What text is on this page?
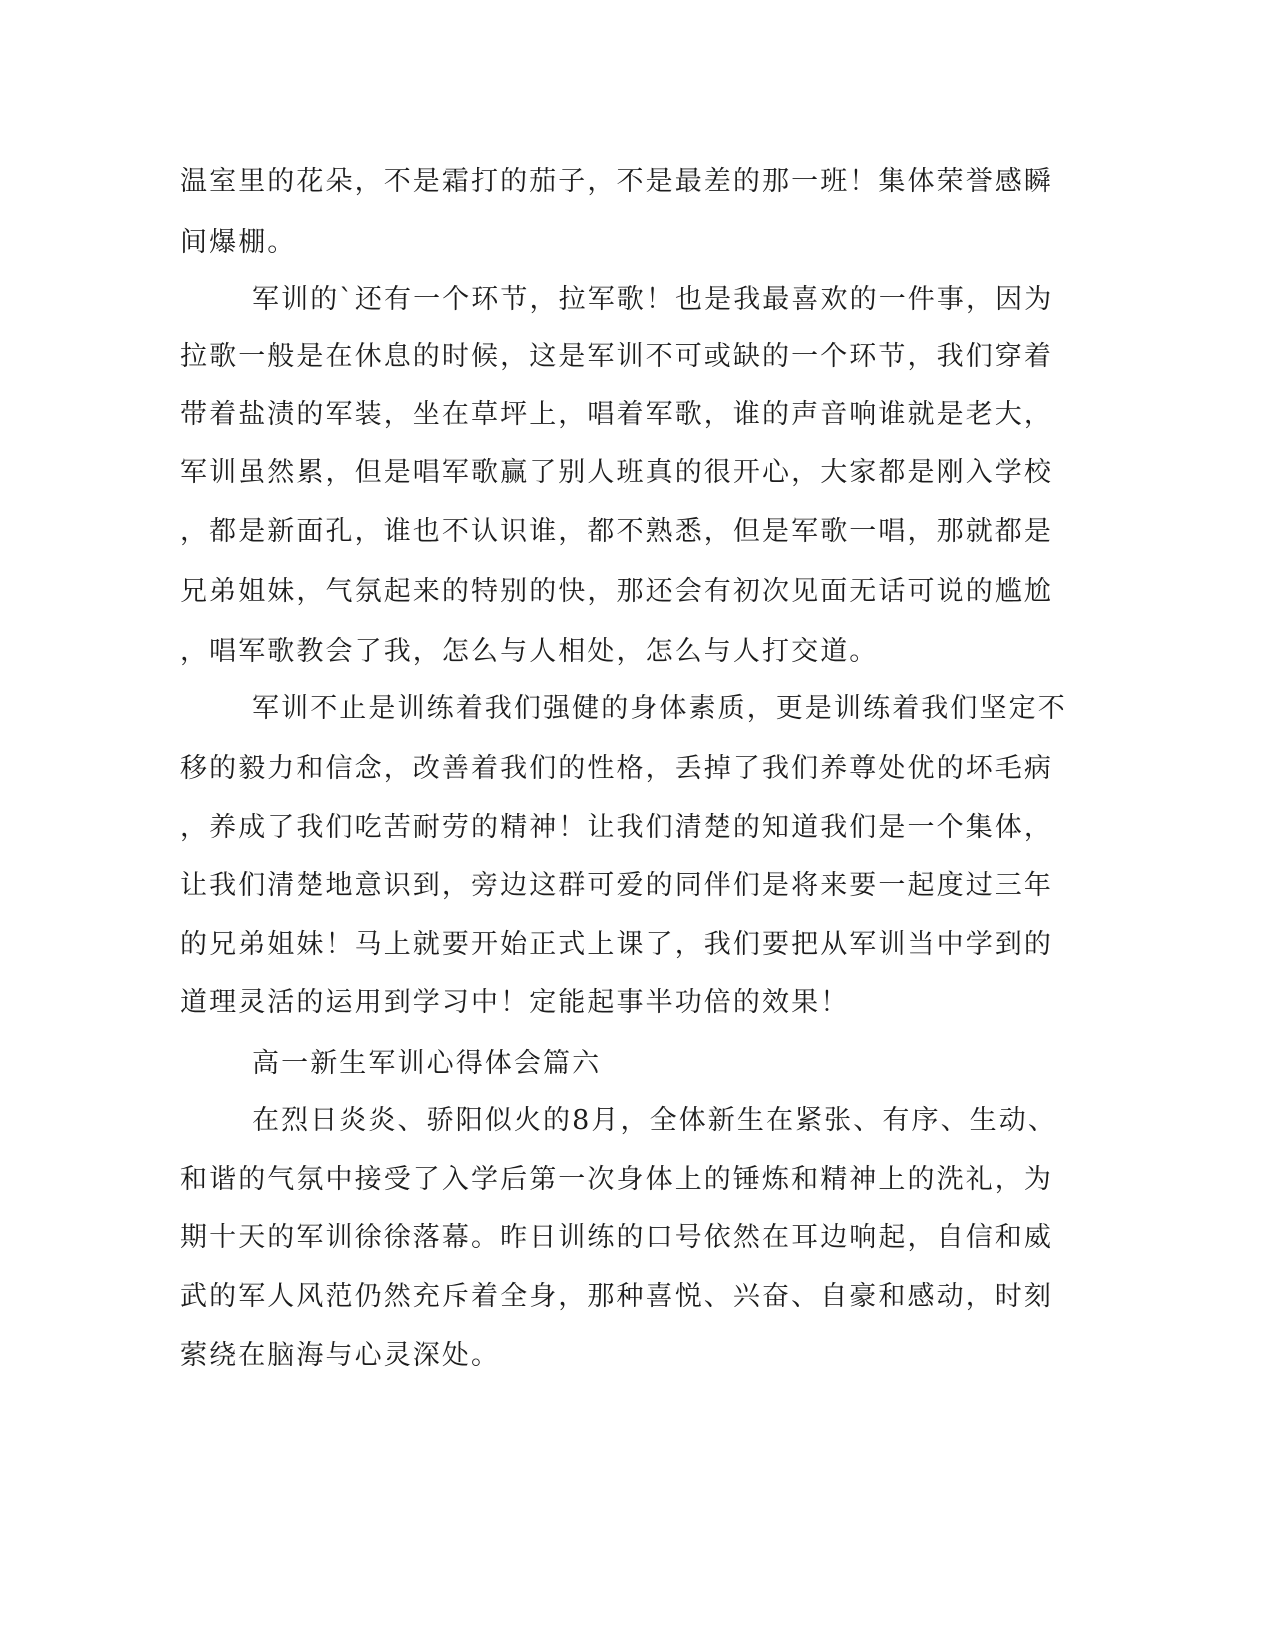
温室里的花朵，不是霜打的茄子，不是最差的那一班！集体荣誉感瞬
间爆棚。
军训的`还有一个环节，拉军歌！也是我最喜欢的一件事，因为
拉歌一般是在休息的时候，这是军训不可或缺的一个环节，我们穿着
带着盐渍的军装，坐在草坪上，唱着军歌，谁的声音响谁就是老大，
军训虽然累，但是唱军歌赢了别人班真的很开心，大家都是刚入学校
，都是新面孔，谁也不认识谁，都不熟悉，但是军歌一唱，那就都是
兄弟姐妹，气氛起来的特别的快，那还会有初次见面无话可说的尴尬
，唱军歌教会了我，怎么与人相处，怎么与人打交道。
军训不止是训练着我们强健的身体素质，更是训练着我们坚定不
移的毅力和信念，改善着我们的性格，丢掉了我们养尊处优的坏毛病
，养成了我们吃苦耐劳的精神！让我们清楚的知道我们是一个集体，
让我们清楚地意识到，旁边这群可爱的同伴们是将来要一起度过三年
的兄弟姐妹！马上就要开始正式上课了，我们要把从军训当中学到的
道理灵活的运用到学习中！定能起事半功倍的效果！
高一新生军训心得体会篇六
在烈日炎炎、骄阳似火的8月，全体新生在紧张、有序、生动、
和谐的气氛中接受了入学后第一次身体上的锤炼和精神上的洗礼，为
期十天的军训徐徐落幕。昨日训练的口号依然在耳边响起，自信和威
武的军人风范仍然充斥着全身，那种喜悦、兴奋、自豪和感动，时刻
萦绕在脑海与心灵深处。
